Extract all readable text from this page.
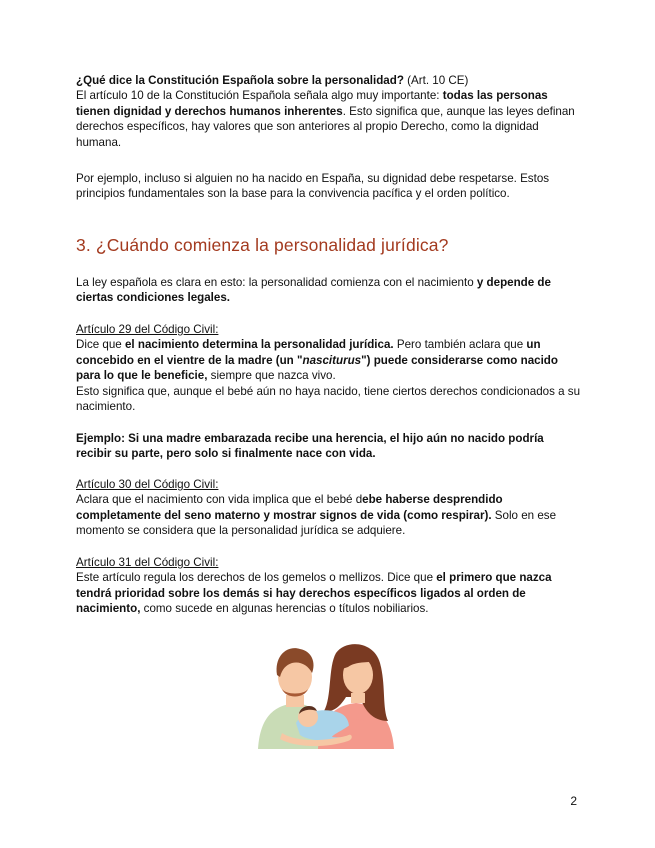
¿Qué dice la Constitución Española sobre la personalidad? (Art. 10 CE)
El artículo 10 de la Constitución Española señala algo muy importante: todas las personas tienen dignidad y derechos humanos inherentes. Esto significa que, aunque las leyes definan derechos específicos, hay valores que son anteriores al propio Derecho, como la dignidad humana.

Por ejemplo, incluso si alguien no ha nacido en España, su dignidad debe respetarse. Estos principios fundamentales son la base para la convivencia pacífica y el orden político.

3. ¿Cuándo comienza la personalidad jurídica?

La ley española es clara en esto: la personalidad comienza con el nacimiento y depende de ciertas condiciones legales.

Artículo 29 del Código Civil:
Dice que el nacimiento determina la personalidad jurídica. Pero también aclara que un concebido en el vientre de la madre (un "nasciturus") puede considerarse como nacido para lo que le beneficie, siempre que nazca vivo.
Esto significa que, aunque el bebé aún no haya nacido, tiene ciertos derechos condicionados a su nacimiento.

Ejemplo: Si una madre embarazada recibe una herencia, el hijo aún no nacido podría recibir su parte, pero solo si finalmente nace con vida.

Artículo 30 del Código Civil:
Aclara que el nacimiento con vida implica que el bebé debe haberse desprendido completamente del seno materno y mostrar signos de vida (como respirar). Solo en ese momento se considera que la personalidad jurídica se adquiere.

Artículo 31 del Código Civil:
Este artículo regula los derechos de los gemelos o mellizos. Dice que el primero que nazca tendrá prioridad sobre los demás si hay derechos específicos ligados al orden de nacimiento, como sucede en algunas herencias o títulos nobiliarios.

2
